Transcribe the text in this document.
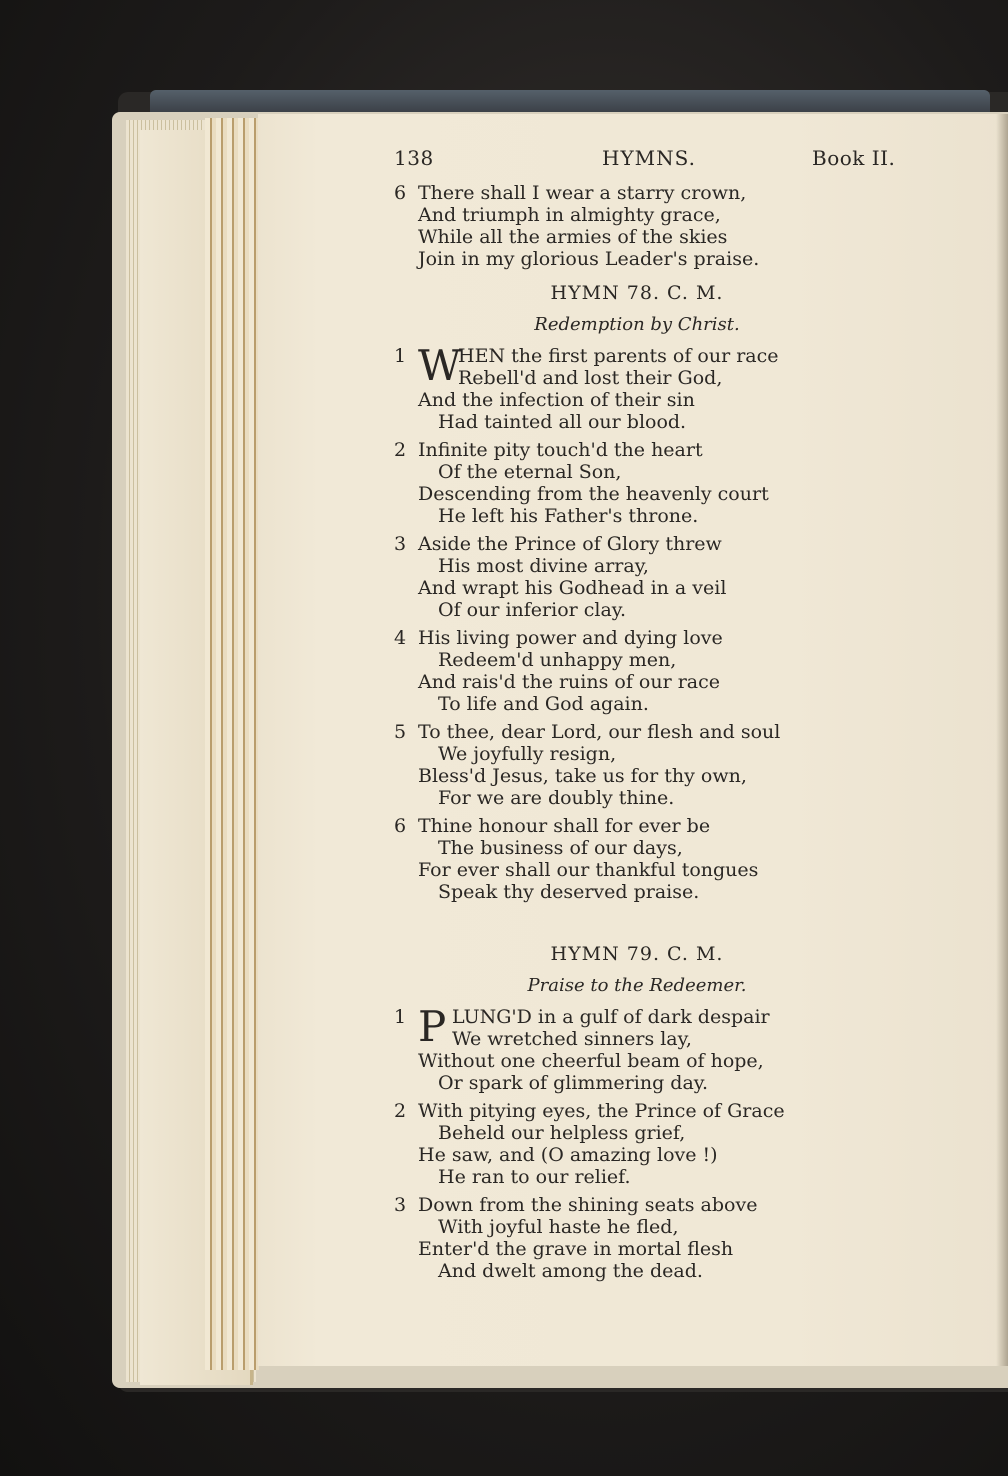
138	HYMNS.	Book II.
6 There shall I wear a starry crown,
And triumph in almighty grace,
While all the armies of the skies
Join in my glorious Leader's praise.
HYMN 78. C. M.
Redemption by Christ.
1 W
HEN the first parents of our race
Rebell'd and lost their God,
And the infection of their sin
Had tainted all our blood.
2 Infinite pity touch'd the heart
Of the eternal Son,
Descending from the heavenly court
He left his Father's throne.
3 Aside the Prince of Glory threw
His most divine array,
And wrapt his Godhead in a veil
Of our inferior clay.
4 His living power and dying love
Redeem'd unhappy men,
And rais'd the ruins of our race
To life and God again.
5 To thee, dear Lord, our flesh and soul
We joyfully resign,
Bless'd Jesus, take us for thy own,
For we are doubly thine.
6 Thine honour shall for ever be
The business of our days,
For ever shall our thankful tongues
Speak thy deserved praise.
HYMN 79. C. M.
Praise to the Redeemer.
1 P LUNG'D in a gulf of dark despair
We wretched sinners lay,
Without one cheerful beam of hope,
Or spark of glimmering day.
2 With pitying eyes, the Prince of Grace
Beheld our helpless grief,
He saw, and (O amazing love !)
He ran to our relief.
3 Down from the shining seats above
With joyful haste he fled,
Enter'd the grave in mortal flesh
And dwelt among the dead.
